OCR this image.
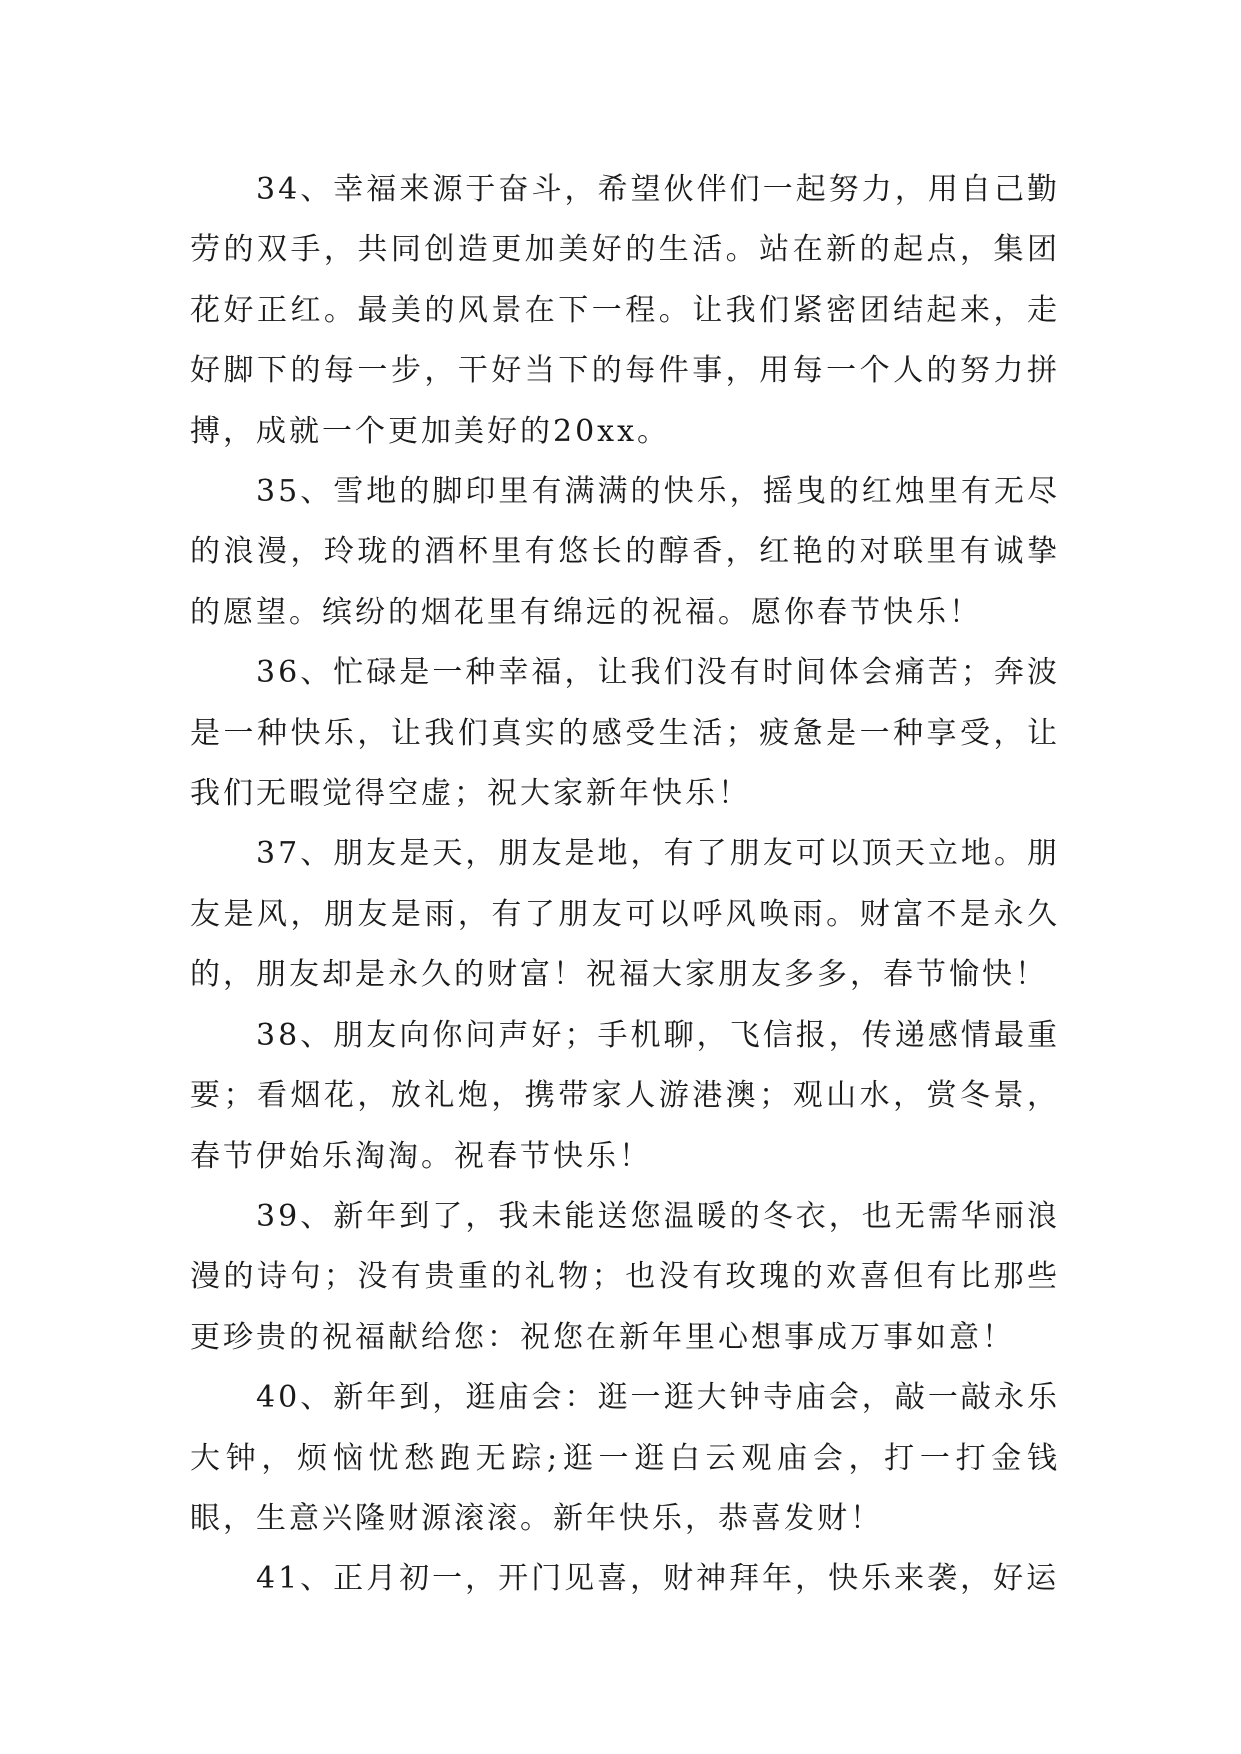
34、幸福来源于奋斗，希望伙伴们一起努力，用自己勤劳的双手，共同创造更加美好的生活。站在新的起点，集团花好正红。最美的风景在下一程。让我们紧密团结起来，走好脚下的每一步，干好当下的每件事，用每一个人的努力拼搏，成就一个更加美好的20xx。

35、雪地的脚印里有满满的快乐，摇曳的红烛里有无尽的浪漫，玲珑的酒杯里有悠长的醇香，红艳的对联里有诚挚的愿望。缤纷的烟花里有绵远的祝福。愿你春节快乐！

36、忙碌是一种幸福，让我们没有时间体会痛苦；奔波是一种快乐，让我们真实的感受生活；疲惫是一种享受，让我们无暇觉得空虚；祝大家新年快乐！

37、朋友是天，朋友是地，有了朋友可以顶天立地。朋友是风，朋友是雨，有了朋友可以呼风唤雨。财富不是永久的，朋友却是永久的财富！祝福大家朋友多多，春节愉快！

38、朋友向你问声好；手机聊，飞信报，传递感情最重要；看烟花，放礼炮，携带家人游港澳；观山水，赏冬景，春节伊始乐淘淘。祝春节快乐！

39、新年到了，我未能送您温暖的冬衣，也无需华丽浪漫的诗句；没有贵重的礼物；也没有玫瑰的欢喜但有比那些更珍贵的祝福献给您：祝您在新年里心想事成万事如意！

40、新年到，逛庙会：逛一逛大钟寺庙会，敲一敲永乐大钟，烦恼忧愁跑无踪;逛一逛白云观庙会，打一打金钱眼，生意兴隆财源滚滚。新年快乐，恭喜发财！

41、正月初一，开门见喜，财神拜年，快乐来袭，好运
